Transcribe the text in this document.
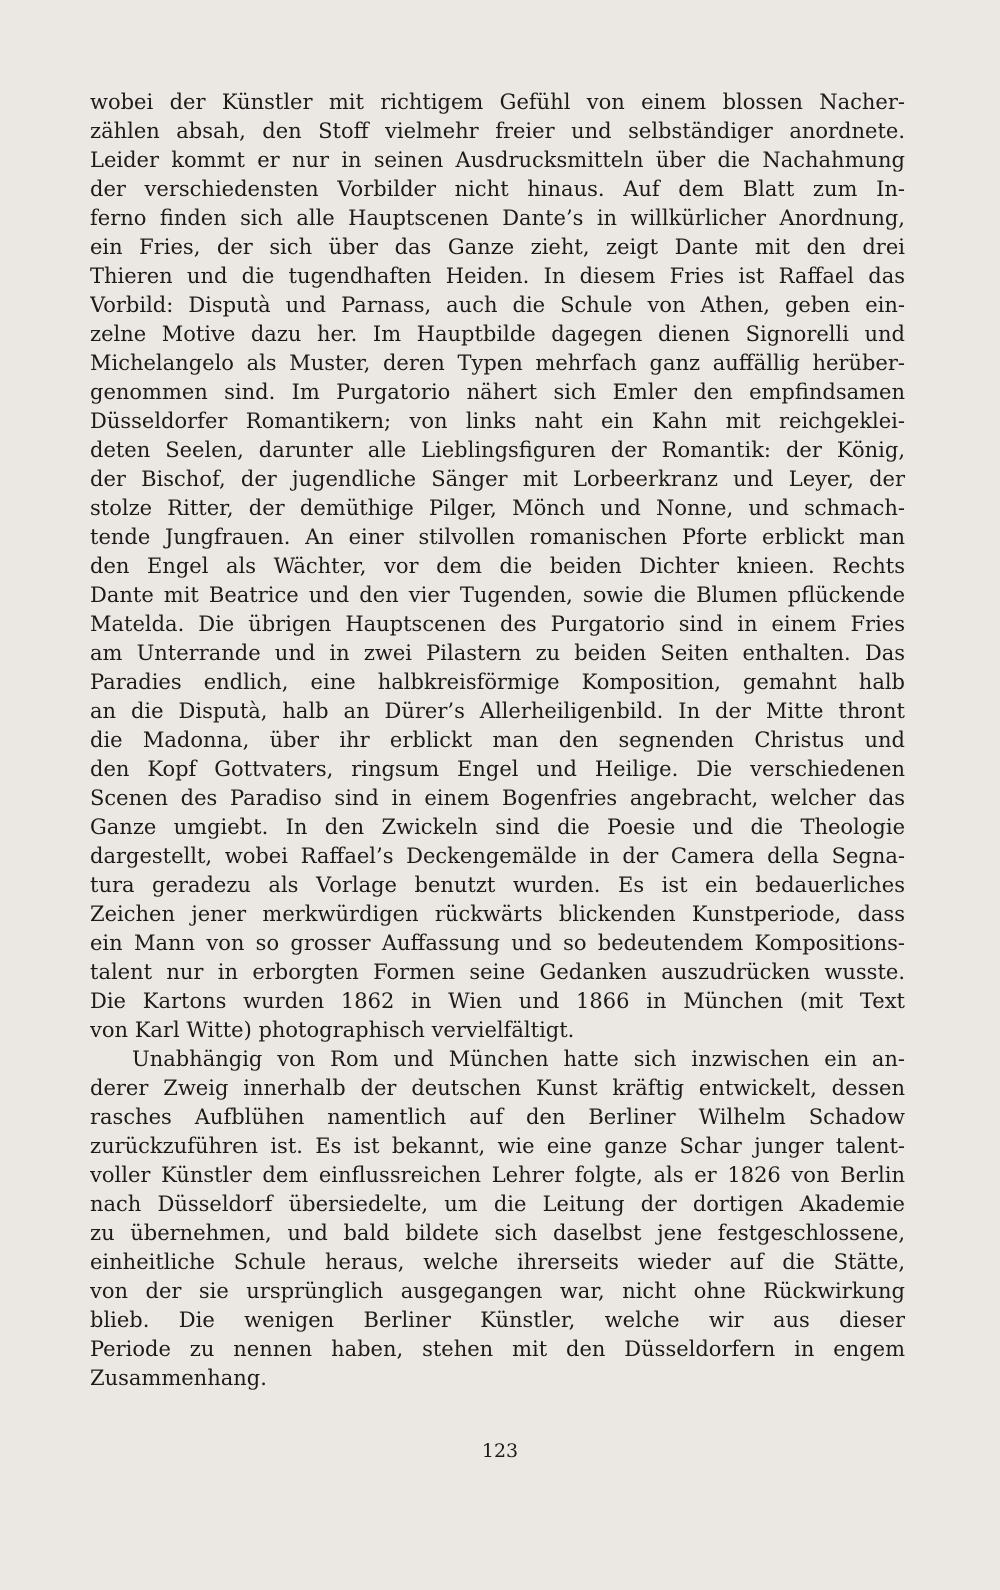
wobei der Künstler mit richtigem Gefühl von einem blossen Nacher-
zählen absah, den Stoff vielmehr freier und selbständiger anordnete.
Leider kommt er nur in seinen Ausdrucksmitteln über die Nachahmung
der verschiedensten Vorbilder nicht hinaus. Auf dem Blatt zum In-
ferno finden sich alle Hauptscenen Dante’s in willkürlicher Anordnung,
ein Fries, der sich über das Ganze zieht, zeigt Dante mit den drei
Thieren und die tugendhaften Heiden. In diesem Fries ist Raffael das
Vorbild: Disputà und Parnass, auch die Schule von Athen, geben ein-
zelne Motive dazu her. Im Hauptbilde dagegen dienen Signorelli und
Michelangelo als Muster, deren Typen mehrfach ganz auffällig herüber-
genommen sind. Im Purgatorio nähert sich Emler den empfindsamen
Düsseldorfer Romantikern; von links naht ein Kahn mit reichgeklei-
deten Seelen, darunter alle Lieblingsfiguren der Romantik: der König,
der Bischof, der jugendliche Sänger mit Lorbeerkranz und Leyer, der
stolze Ritter, der demüthige Pilger, Mönch und Nonne, und schmach-
tende Jungfrauen. An einer stilvollen romanischen Pforte erblickt man
den Engel als Wächter, vor dem die beiden Dichter knieen. Rechts
Dante mit Beatrice und den vier Tugenden, sowie die Blumen pflückende
Matelda. Die übrigen Hauptscenen des Purgatorio sind in einem Fries
am Unterrande und in zwei Pilastern zu beiden Seiten enthalten. Das
Paradies endlich, eine halbkreisförmige Komposition, gemahnt halb
an die Disputà, halb an Dürer’s Allerheiligenbild. In der Mitte thront
die Madonna, über ihr erblickt man den segnenden Christus und
den Kopf Gottvaters, ringsum Engel und Heilige. Die verschiedenen
Scenen des Paradiso sind in einem Bogenfries angebracht, welcher das
Ganze umgiebt. In den Zwickeln sind die Poesie und die Theologie
dargestellt, wobei Raffael’s Deckengemälde in der Camera della Segna-
tura geradezu als Vorlage benutzt wurden. Es ist ein bedauerliches
Zeichen jener merkwürdigen rückwärts blickenden Kunstperiode, dass
ein Mann von so grosser Auffassung und so bedeutendem Kompositions-
talent nur in erborgten Formen seine Gedanken auszudrücken wusste.
Die Kartons wurden 1862 in Wien und 1866 in München (mit Text
von Karl Witte) photographisch vervielfältigt.
Unabhängig von Rom und München hatte sich inzwischen ein an-
derer Zweig innerhalb der deutschen Kunst kräftig entwickelt, dessen
rasches Aufblühen namentlich auf den Berliner Wilhelm Schadow
zurückzuführen ist. Es ist bekannt, wie eine ganze Schar junger talent-
voller Künstler dem einflussreichen Lehrer folgte, als er 1826 von Berlin
nach Düsseldorf übersiedelte, um die Leitung der dortigen Akademie
zu übernehmen, und bald bildete sich daselbst jene festgeschlossene,
einheitliche Schule heraus, welche ihrerseits wieder auf die Stätte,
von der sie ursprünglich ausgegangen war, nicht ohne Rückwirkung
blieb. Die wenigen Berliner Künstler, welche wir aus dieser
Periode zu nennen haben, stehen mit den Düsseldorfern in engem
Zusammenhang.
123
